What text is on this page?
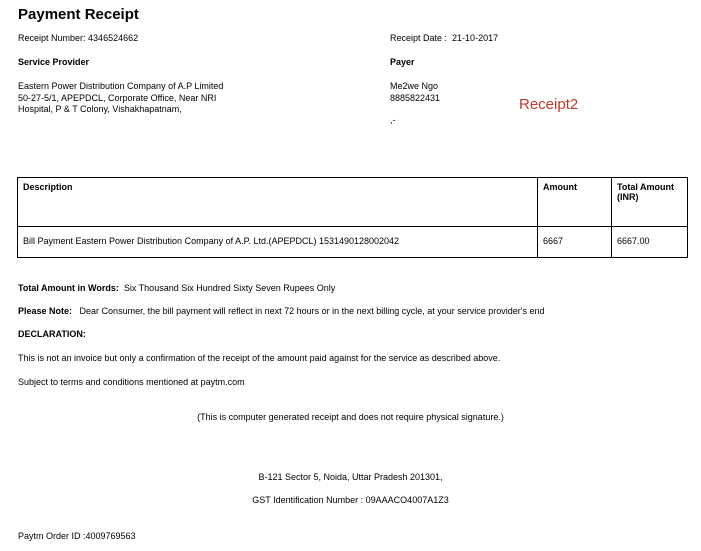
Payment Receipt
Receipt Number: 4346524662	Receipt Date : 21-10-2017
Service Provider
Eastern Power Distribution Company of A.P Limited
50-27-5/1, APEPDCL, Corporate Office, Near NRI
Hospital, P & T Colony, Vishakhapatnam,
Payer
Me2we Ngo
8885822431
,-
Receipt2
Description	Amount	Total Amount
(INR)
Bill Payment Eastern Power Distribution Company of A.P. Ltd.(APEPDCL) 1531490128002042	6667	6667.00
Total Amount in Words: Six Thousand Six Hundred Sixty Seven Rupees Only
Please Note: Dear Consumer, the bill payment will reflect in next 72 hours or in the next billing cycle, at your service provider's end
DECLARATION:
This is not an invoice but only a confirmation of the receipt of the amount paid against for the service as described above.
Subject to terms and conditions mentioned at paytm.com
(This is computer generated receipt and does not require physical signature.)
B-121 Sector 5, Noida, Uttar Pradesh 201301,
GST Identification Number : 09AAACO4007A1Z3
Paytm Order ID :4009769563
